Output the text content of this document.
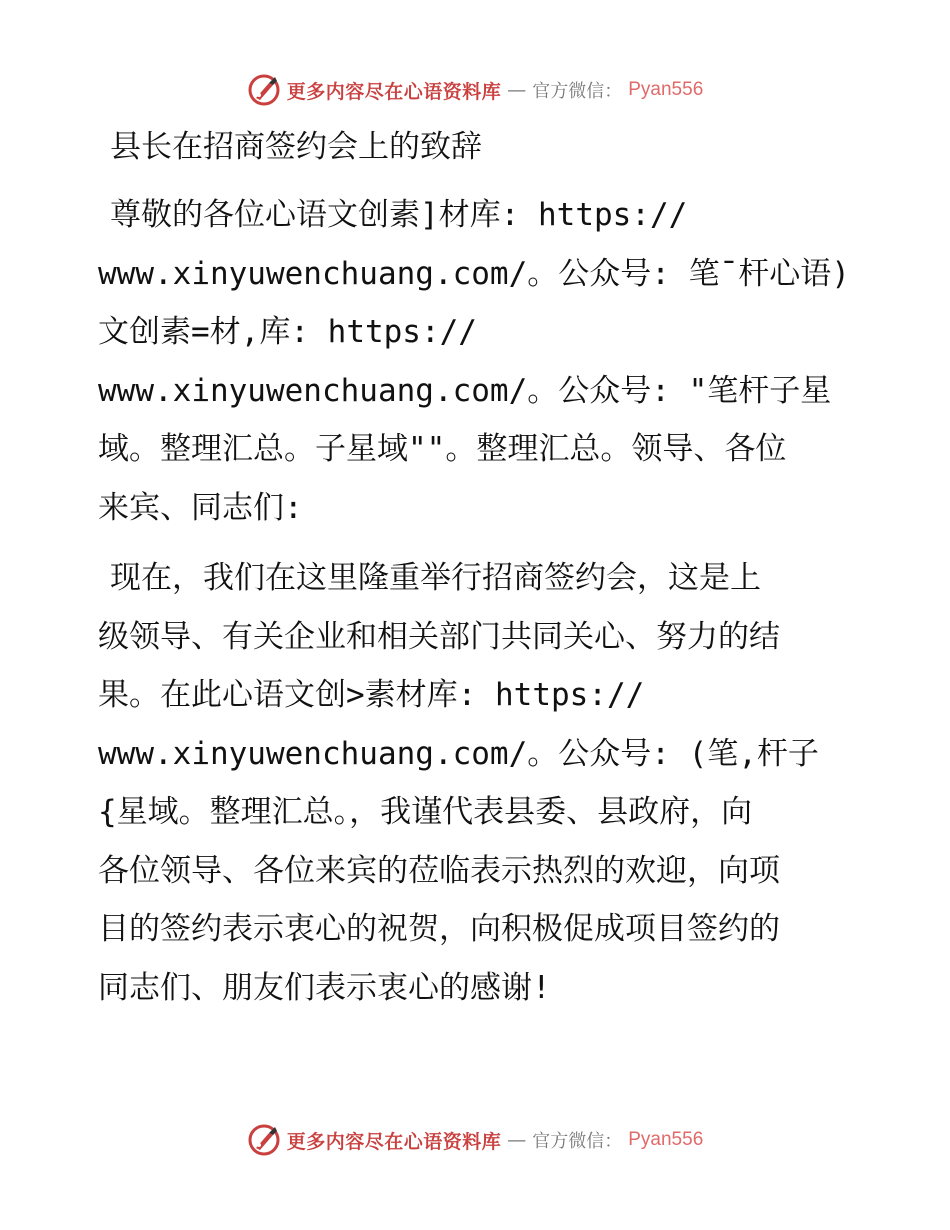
更多内容尽在心语资料库 — 官方微信： Pyan556
县长在招商签约会上的致辞
尊敬的各位心语文创素]材库: https://
www.xinyuwenchuang.com/。公众号: 笔¯杆心语)
文创素=材,库: https://
www.xinyuwenchuang.com/。公众号: "笔杆子星
域。整理汇总。子星域""。整理汇总。领导、各位
来宾、同志们:
现在，我们在这里隆重举行招商签约会，这是上
级领导、有关企业和相关部门共同关心、努力的结
果。在此心语文创>素材库: https://
www.xinyuwenchuang.com/。公众号: (笔,杆子
{星域。整理汇总。，我谨代表县委、县政府，向
各位领导、各位来宾的莅临表示热烈的欢迎，向项
目的签约表示衷心的祝贺，向积极促成项目签约的
同志们、朋友们表示衷心的感谢!
更多内容尽在心语资料库 — 官方微信： Pyan556
